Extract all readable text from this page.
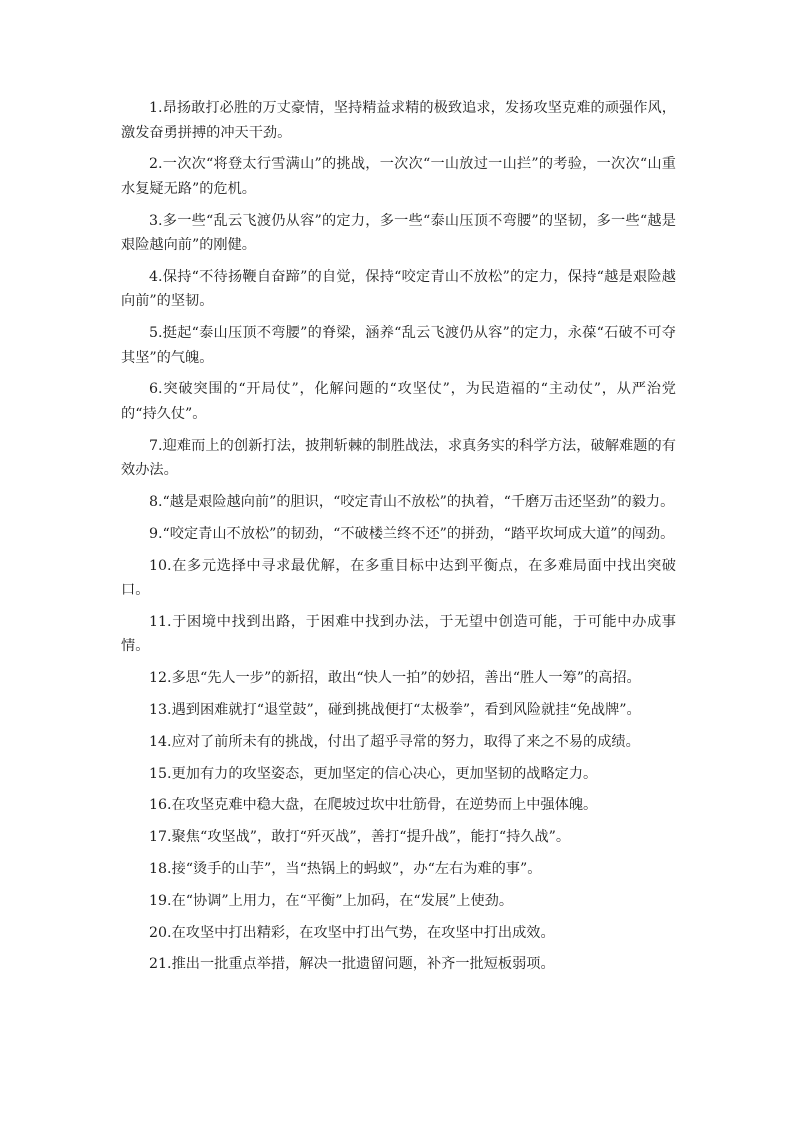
1.昂扬敢打必胜的万丈豪情，坚持精益求精的极致追求，发扬攻坚克难的顽强作风，激发奋勇拼搏的冲天干劲。

2.一次次“将登太行雪满山”的挑战，一次次“一山放过一山拦”的考验，一次次“山重水复疑无路”的危机。

3.多一些“乱云飞渡仍从容”的定力，多一些“泰山压顶不弯腰”的坚韧，多一些“越是艰险越向前”的刚健。

4.保持“不待扬鞭自奋蹄”的自觉，保持“咬定青山不放松”的定力，保持“越是艰险越向前”的坚韧。

5.挺起“泰山压顶不弯腰”的脊梁，涵养“乱云飞渡仍从容”的定力，永葆“石破不可夺其坚”的气魄。

6.突破突围的“开局仗”，化解问题的“攻坚仗”，为民造福的“主动仗”，从严治党的“持久仗”。

7.迎难而上的创新打法，披荆斩棘的制胜战法，求真务实的科学方法，破解难题的有效办法。

8.“越是艰险越向前”的胆识，“咬定青山不放松”的执着，“千磨万击还坚劲”的毅力。

9.“咬定青山不放松”的韧劲，“不破楼兰终不还”的拼劲，“踏平坎坷成大道”的闯劲。

10.在多元选择中寻求最优解，在多重目标中达到平衡点，在多难局面中找出突破口。

11.于困境中找到出路，于困难中找到办法，于无望中创造可能，于可能中办成事情。

12.多思“先人一步”的新招，敢出“快人一拍”的妙招，善出“胜人一筹”的高招。

13.遇到困难就打“退堂鼓”，碰到挑战便打“太极拳”，看到风险就挂“免战牌”。

14.应对了前所未有的挑战，付出了超乎寻常的努力，取得了来之不易的成绩。

15.更加有力的攻坚姿态，更加坚定的信心决心，更加坚韧的战略定力。

16.在攻坚克难中稳大盘，在爬坡过坎中壮筋骨，在逆势而上中强体魄。

17.聚焦“攻坚战”，敢打“歼灭战”，善打“提升战”，能打“持久战”。

18.接“烫手的山芋”，当“热锅上的蚂蚁”，办“左右为难的事”。

19.在“协调”上用力，在“平衡”上加码，在“发展”上使劲。

20.在攻坚中打出精彩，在攻坚中打出气势，在攻坚中打出成效。

21.推出一批重点举措，解决一批遗留问题，补齐一批短板弱项。
